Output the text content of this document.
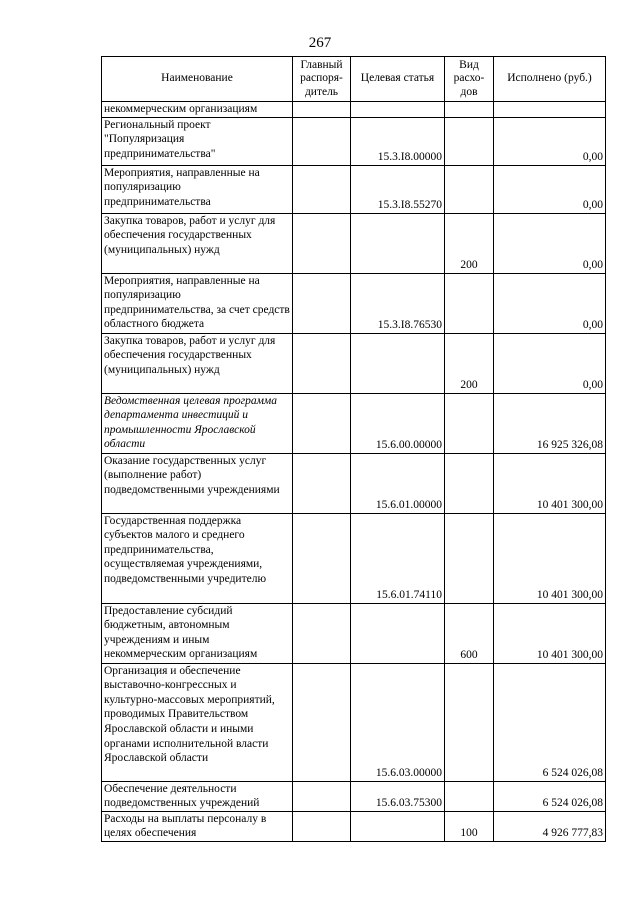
267
Наименование	Главный распоря-дитель	Целевая статья	Вид расхо-дов	Исполнено (руб.)
некоммерческим организациям				
Региональный проект "Популяризация предпринимательства"		15.3.I8.00000		0,00
Мероприятия, направленные на популяризацию предпринимательства		15.3.I8.55270		0,00
Закупка товаров, работ и услуг для обеспечения государственных (муниципальных) нужд			200	0,00
Мероприятия, направленные на популяризацию предпринимательства, за счет средств областного бюджета		15.3.I8.76530		0,00
Закупка товаров, работ и услуг для обеспечения государственных (муниципальных) нужд			200	0,00
Ведомственная целевая программа департамента инвестиций и промышленности Ярославской области		15.6.00.00000		16 925 326,08
Оказание государственных услуг (выполнение работ) подведомственными учреждениями		15.6.01.00000		10 401 300,00
Государственная поддержка субъектов малого и среднего предпринимательства, осуществляемая учреждениями, подведомственными учредителю		15.6.01.74110		10 401 300,00
Предоставление субсидий бюджетным, автономным учреждениям и иным некоммерческим организациям			600	10 401 300,00
Организация и обеспечение выставочно-конгрессных и культурно-массовых мероприятий, проводимых Правительством Ярославской области и иными органами исполнительной власти Ярославской области		15.6.03.00000		6 524 026,08
Обеспечение деятельности подведомственных учреждений		15.6.03.75300		6 524 026,08
Расходы на выплаты персоналу в целях обеспечения			100	4 926 777,83
